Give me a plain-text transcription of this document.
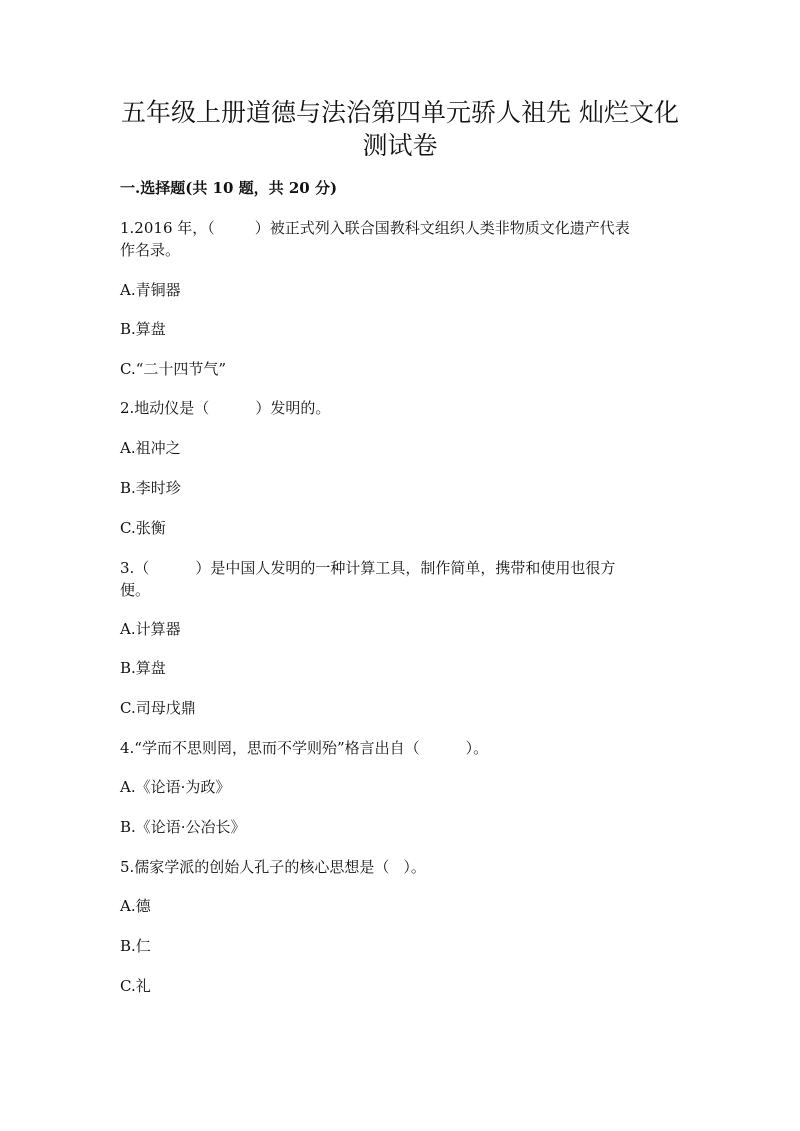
五年级上册道德与法治第四单元骄人祖先 灿烂文化
测试卷
一.选择题(共 10 题，共 20 分)
1.2016 年，（	）被正式列入联合国教科文组织人类非物质文化遗产代表
作名录。
A.青铜器
B.算盘
C.“二十四节气”
2.地动仪是（	）发明的。
A.祖冲之
B.李时珍
C.张衡
3.（	）是中国人发明的一种计算工具，制作简单，携带和使用也很方
便。
A.计算器
B.算盘
C.司母戊鼎
4.“学而不思则罔，思而不学则殆”格言出自（	）。
A.《论语·为政》
B.《论语·公冶长》
5.儒家学派的创始人孔子的核心思想是（ ）。
A.德
B.仁
C.礼
